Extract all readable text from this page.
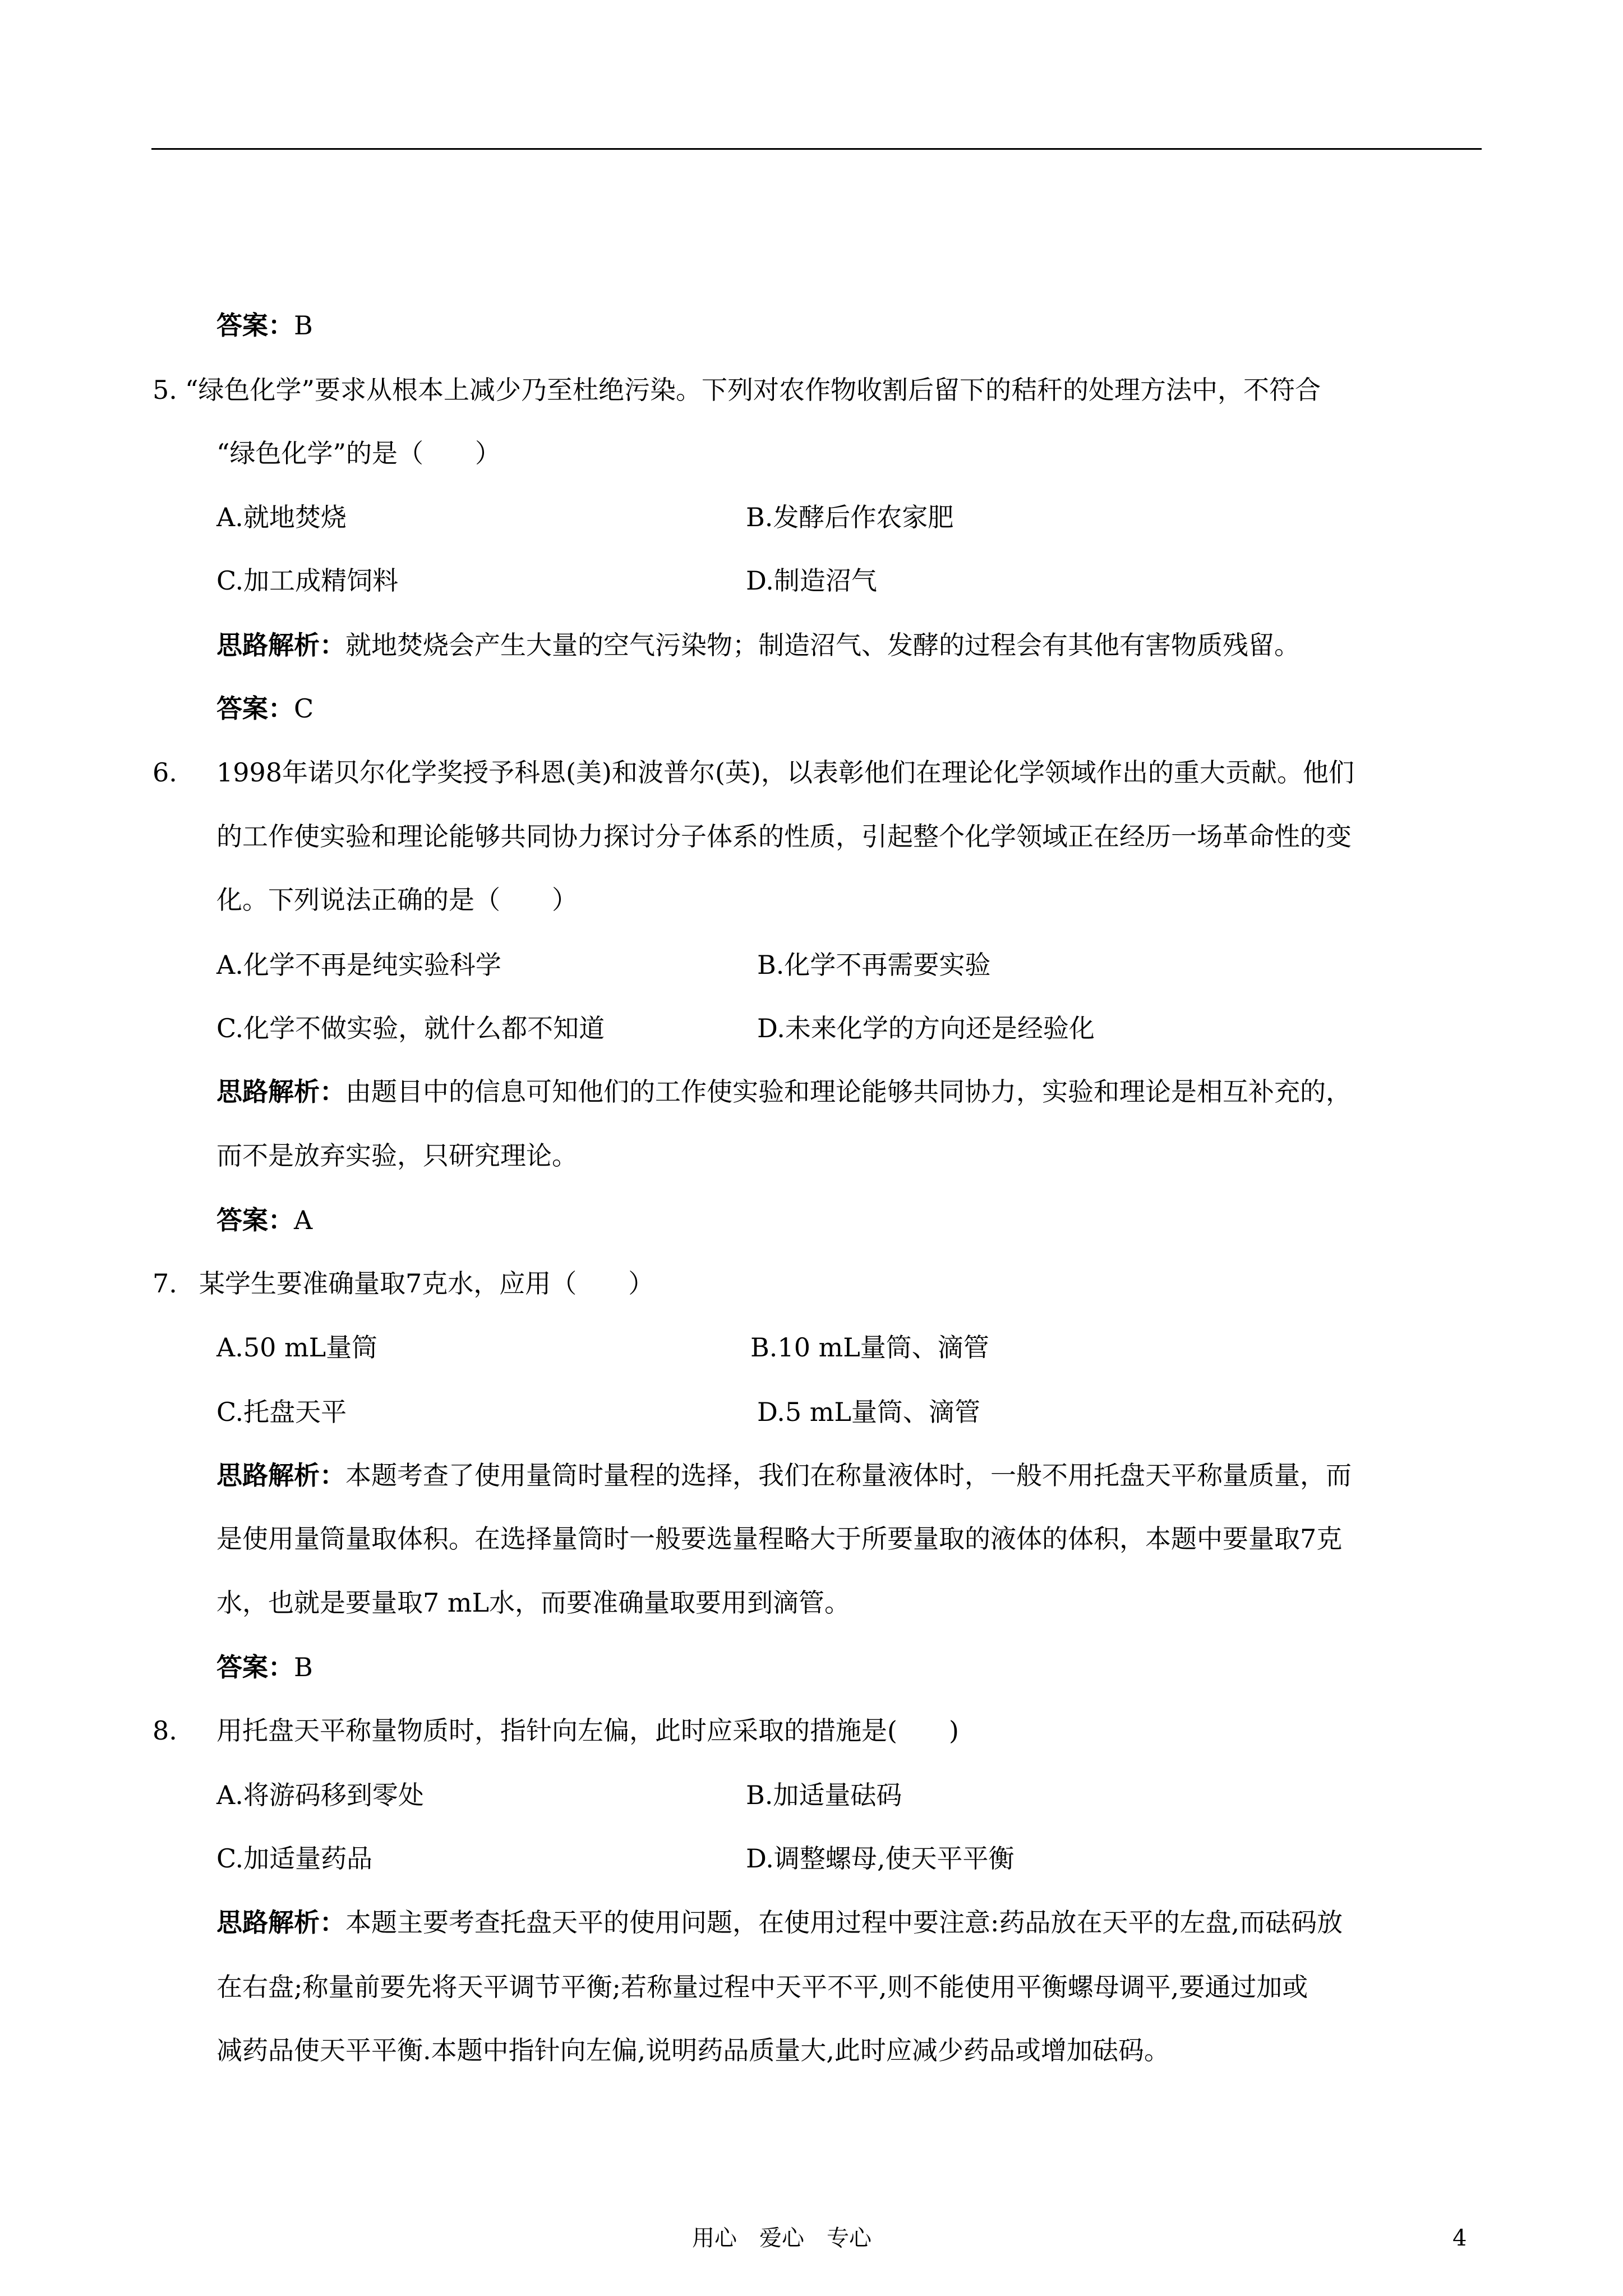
答案：B
5. “绿色化学”要求从根本上减少乃至杜绝污染。下列对农作物收割后留下的秸秆的处理方法中，不符合
“绿色化学”的是（　　）
A.就地焚烧	B.发酵后作农家肥
C.加工成精饲料	D.制造沼气
思路解析：就地焚烧会产生大量的空气污染物；制造沼气、发酵的过程会有其他有害物质残留。
答案：C
6. 1998年诺贝尔化学奖授予科恩(美)和波普尔(英)，以表彰他们在理论化学领域作出的重大贡献。他们
的工作使实验和理论能够共同协力探讨分子体系的性质，引起整个化学领域正在经历一场革命性的变
化。下列说法正确的是（　　）
A.化学不再是纯实验科学	B.化学不再需要实验
C.化学不做实验，就什么都不知道	D.未来化学的方向还是经验化
思路解析：由题目中的信息可知他们的工作使实验和理论能够共同协力，实验和理论是相互补充的，
而不是放弃实验，只研究理论。
答案：A
7. 某学生要准确量取7克水，应用（　　）
A.50 mL量筒	B.10 mL量筒、滴管
C.托盘天平	D.5 mL量筒、滴管
思路解析：本题考查了使用量筒时量程的选择，我们在称量液体时，一般不用托盘天平称量质量，而
是使用量筒量取体积。在选择量筒时一般要选量程略大于所要量取的液体的体积，本题中要量取7克
水，也就是要量取7 mL水，而要准确量取要用到滴管。
答案：B
8. 用托盘天平称量物质时，指针向左偏，此时应采取的措施是(　　)
A.将游码移到零处	B.加适量砝码
C.加适量药品	D.调整螺母,使天平平衡
思路解析：本题主要考查托盘天平的使用问题，在使用过程中要注意:药品放在天平的左盘,而砝码放
在右盘;称量前要先将天平调节平衡;若称量过程中天平不平,则不能使用平衡螺母调平,要通过加或
减药品使天平平衡.本题中指针向左偏,说明药品质量大,此时应减少药品或增加砝码。
用心　爱心　专心	4
